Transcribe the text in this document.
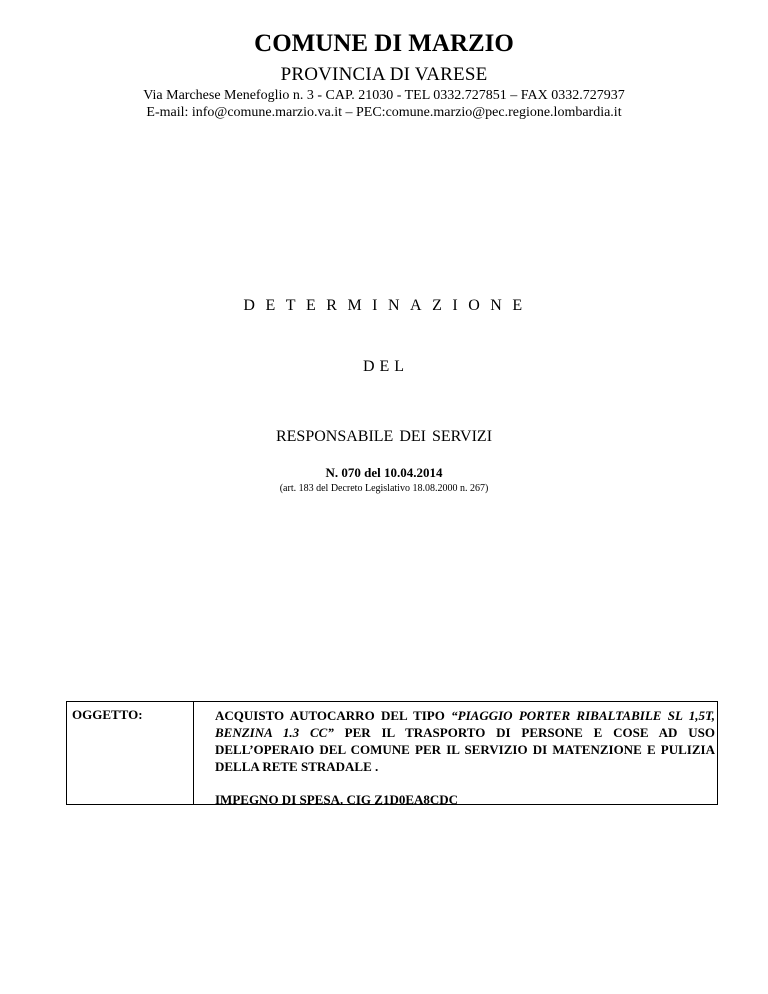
COMUNE DI MARZIO
PROVINCIA DI VARESE
Via Marchese Menefoglio n. 3 - CAP. 21030 - TEL 0332.727851 – FAX 0332.727937
E-mail: info@comune.marzio.va.it – PEC:comune.marzio@pec.regione.lombardia.it
DETERMINAZIONE
DEL
RESPONSABILE DEI SERVIZI
N. 070 del 10.04.2014
(art. 183 del Decreto Legislativo 18.08.2000 n. 267)
OGGETTO:	ACQUISTO AUTOCARRO DEL TIPO “PIAGGIO PORTER RIBALTABILE SL 1,5T, BENZINA 1.3 CC” PER IL TRASPORTO DI PERSONE E COSE AD USO DELL’OPERAIO DEL COMUNE PER IL SERVIZIO DI MATENZIONE E PULIZIA DELLA RETE STRADALE .

IMPEGNO DI SPESA. CIG Z1D0EA8CDC
